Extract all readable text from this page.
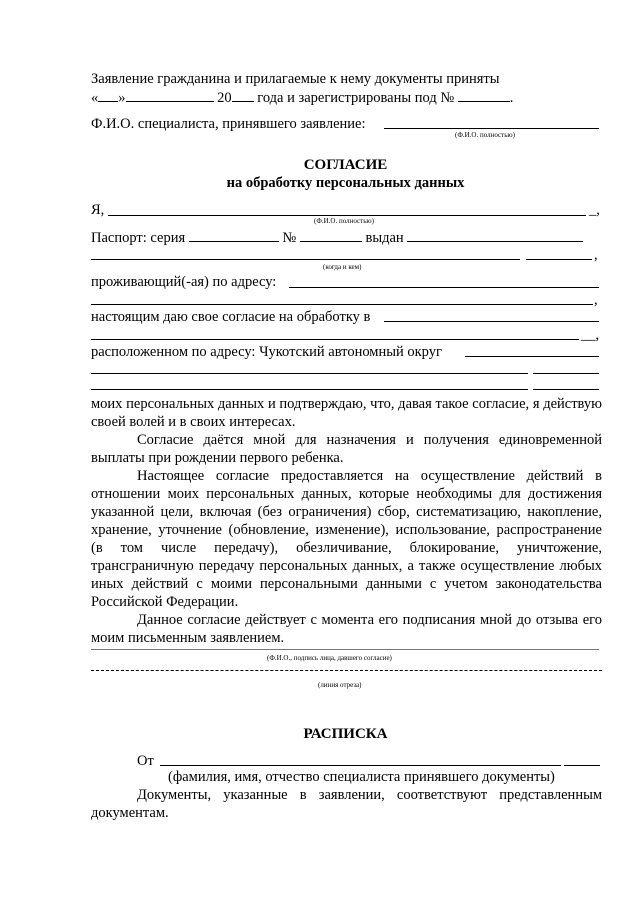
Заявление гражданина и прилагаемые к нему документы приняты
« »	20 года и зарегистрированы под №	.
Ф.И.О. специалиста, принявшего заявление:
(Ф.И.О. полностью)
СОГЛАСИЕ
на обработку персональных данных
Я,	_,
(Ф.И.О. полностью)
Паспорт: серия	№	выдан
,
(когда и кем)
проживающий(-ая) по адресу:
,
настоящим даю свое согласие на обработку в
__,
расположенном по адресу: Чукотский автономный округ

моих персональных данных и подтверждаю, что, давая такое согласие, я действую своей волей и в своих интересах.

Согласие даётся мной для назначения и получения единовременной выплаты при рождении первого ребенка.

Настоящее согласие предоставляется на осуществление действий в отношении моих персональных данных, которые необходимы для достижения указанной цели, включая (без ограничения) сбор, систематизацию, накопление, хранение, уточнение (обновление, изменение), использование, распространение (в том числе передачу), обезличивание, блокирование, уничтожение, трансграничную передачу персональных данных, а также осуществление любых иных действий с моими персональными данными с учетом законодательства Российской Федерации.

Данное согласие действует с момента его подписания мной до отзыва его моим письменным заявлением.

(Ф.И.О., подпись лица, давшего согласие)
(линия отреза)
РАСПИСКА
От
(фамилия, имя, отчество специалиста принявшего документы)

Документы, указанные в заявлении, соответствуют представленным документам.
